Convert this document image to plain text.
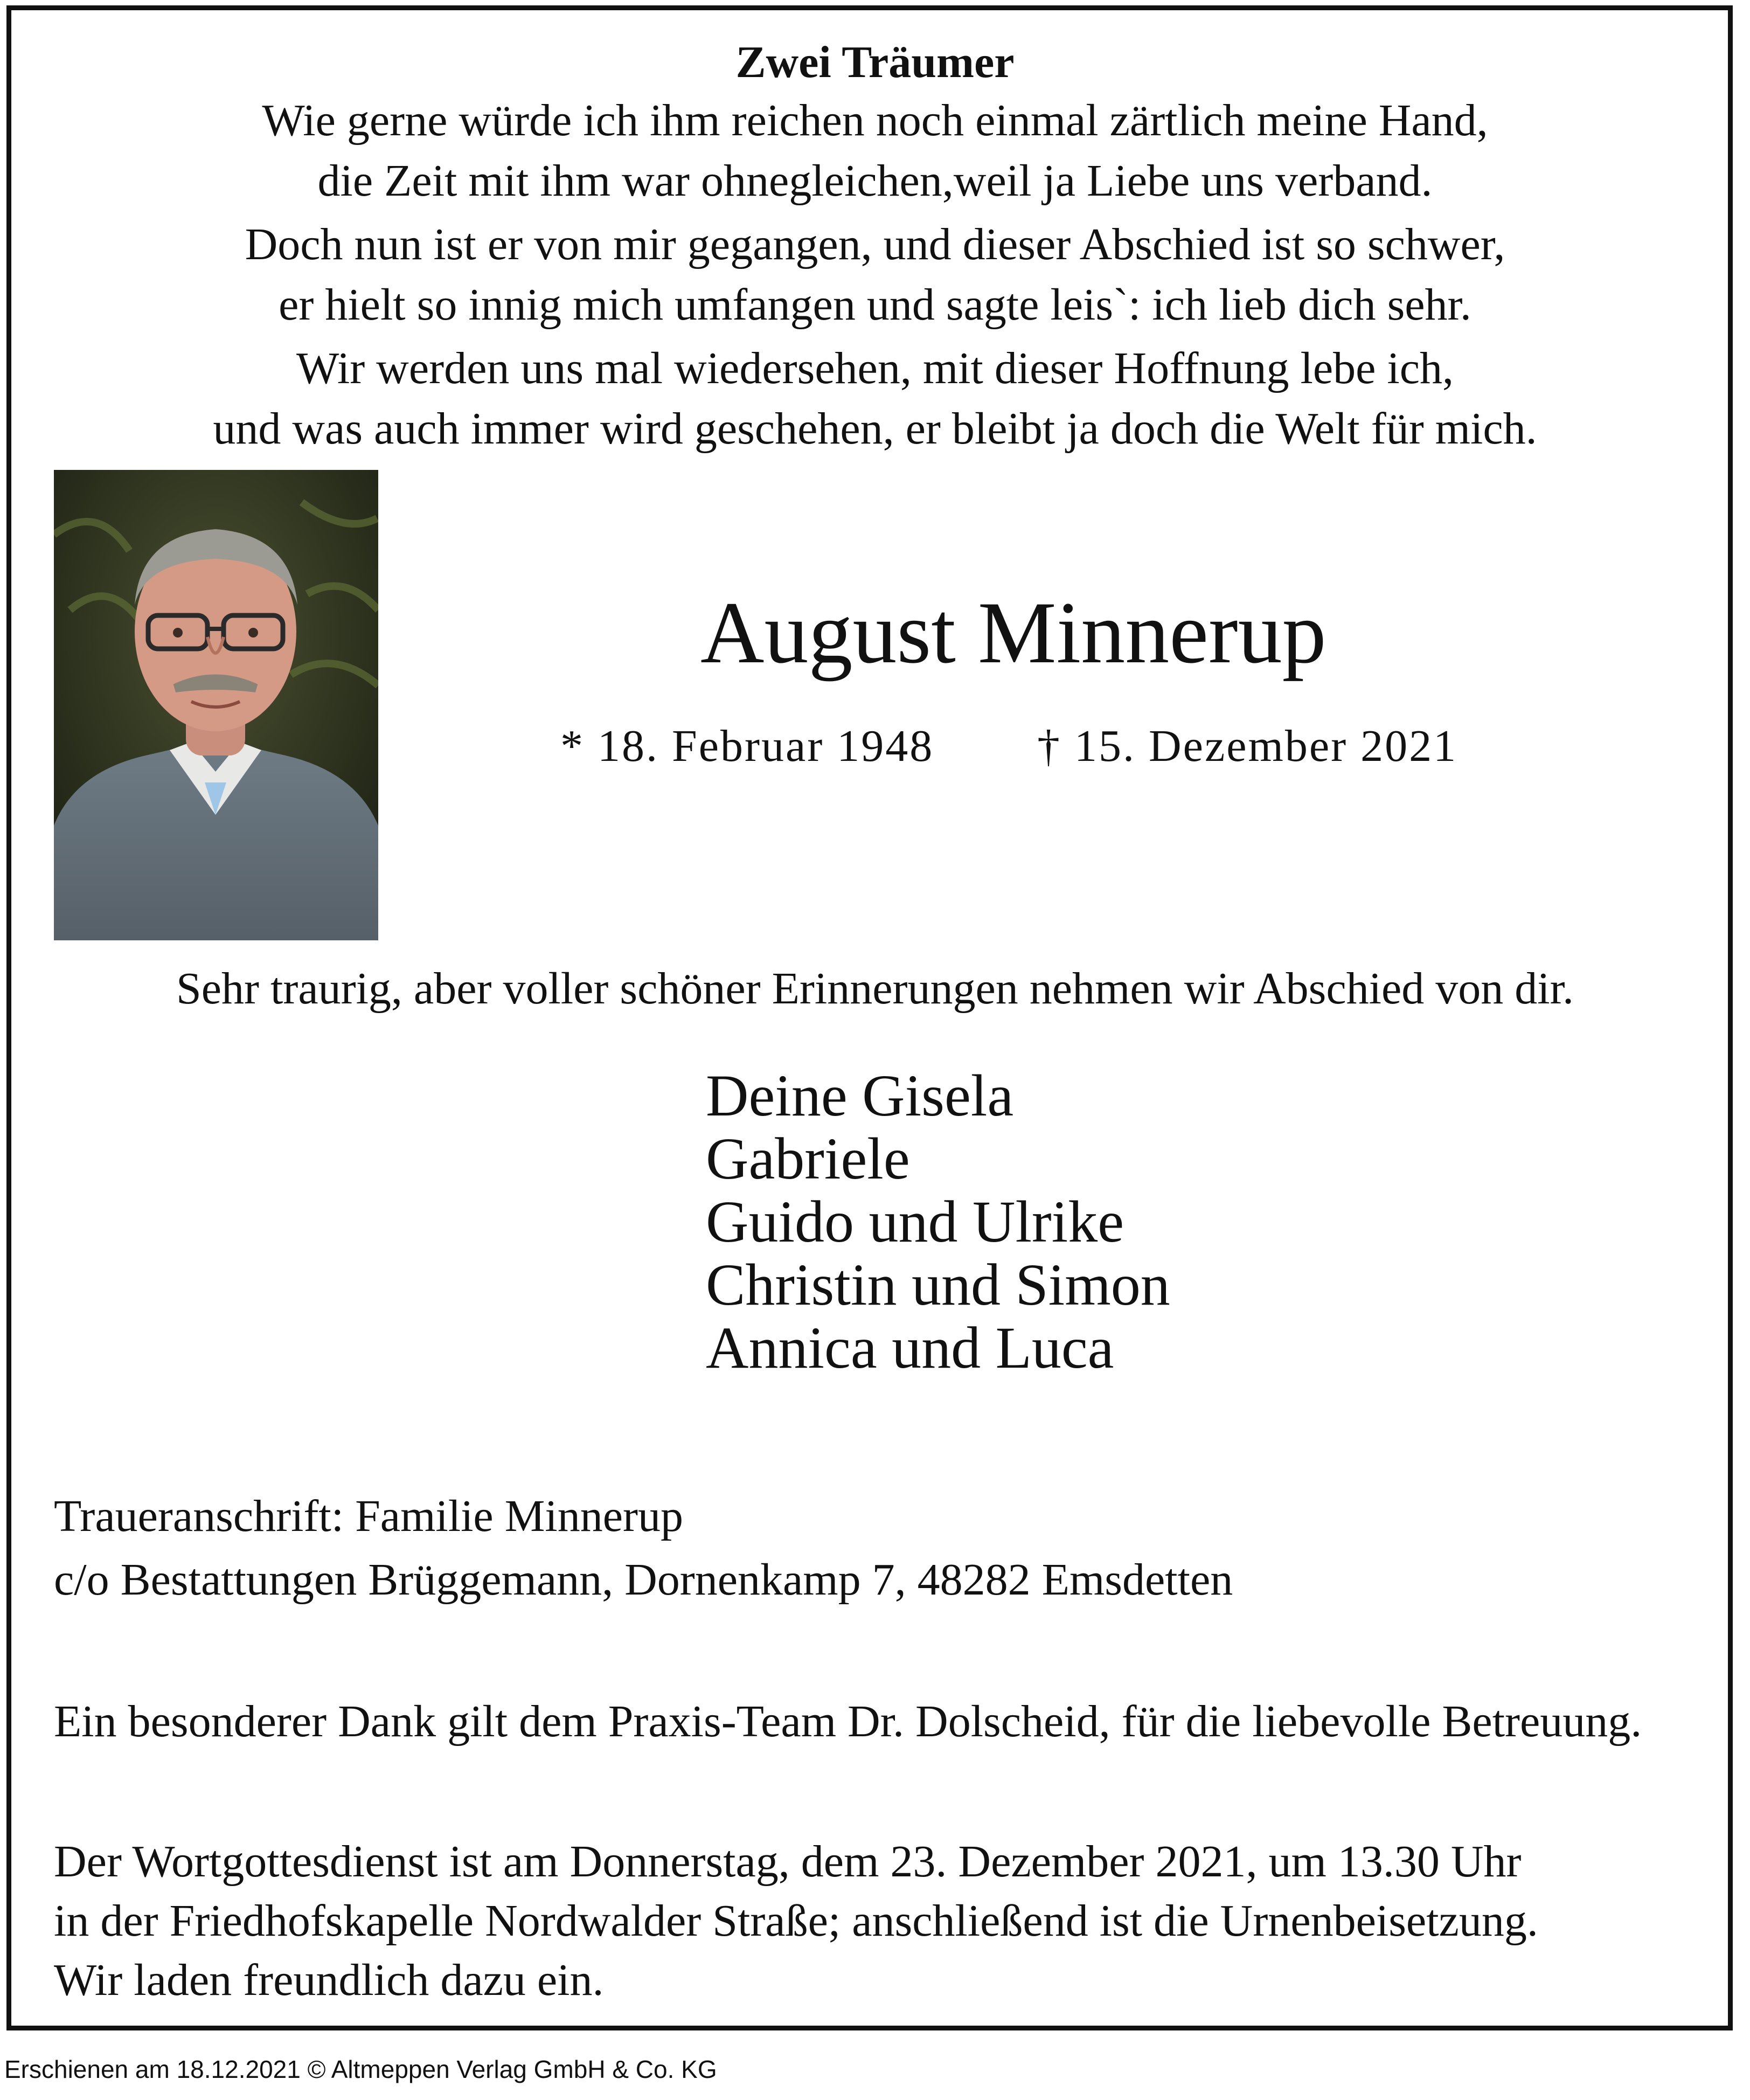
Zwei Träumer
Wie gerne würde ich ihm reichen noch einmal zärtlich meine Hand,
die Zeit mit ihm war ohnegleichen,weil ja Liebe uns verband.
Doch nun ist er von mir gegangen, und dieser Abschied ist so schwer,
er hielt so innig mich umfangen und sagte leis`: ich lieb dich sehr.
Wir werden uns mal wiedersehen, mit dieser Hoffnung lebe ich,
und was auch immer wird geschehen, er bleibt ja doch die Welt für mich.
August Minnerup
* 18. Februar 1948 † 15. Dezember 2021
Sehr traurig, aber voller schöner Erinnerungen nehmen wir Abschied von dir.
Deine Gisela
Gabriele
Guido und Ulrike
Christin und Simon
Annica und Luca
Traueranschrift: Familie Minnerup
c/o Bestattungen Brüggemann, Dornenkamp 7, 48282 Emsdetten
Ein besonderer Dank gilt dem Praxis-Team Dr. Dolscheid, für die liebevolle Betreuung.
Der Wortgottesdienst ist am Donnerstag, dem 23. Dezember 2021, um 13.30 Uhr
in der Friedhofskapelle Nordwalder Straße; anschließend ist die Urnenbeisetzung.
Wir laden freundlich dazu ein.
Erschienen am 18.12.2021 © Altmeppen Verlag GmbH & Co. KG
